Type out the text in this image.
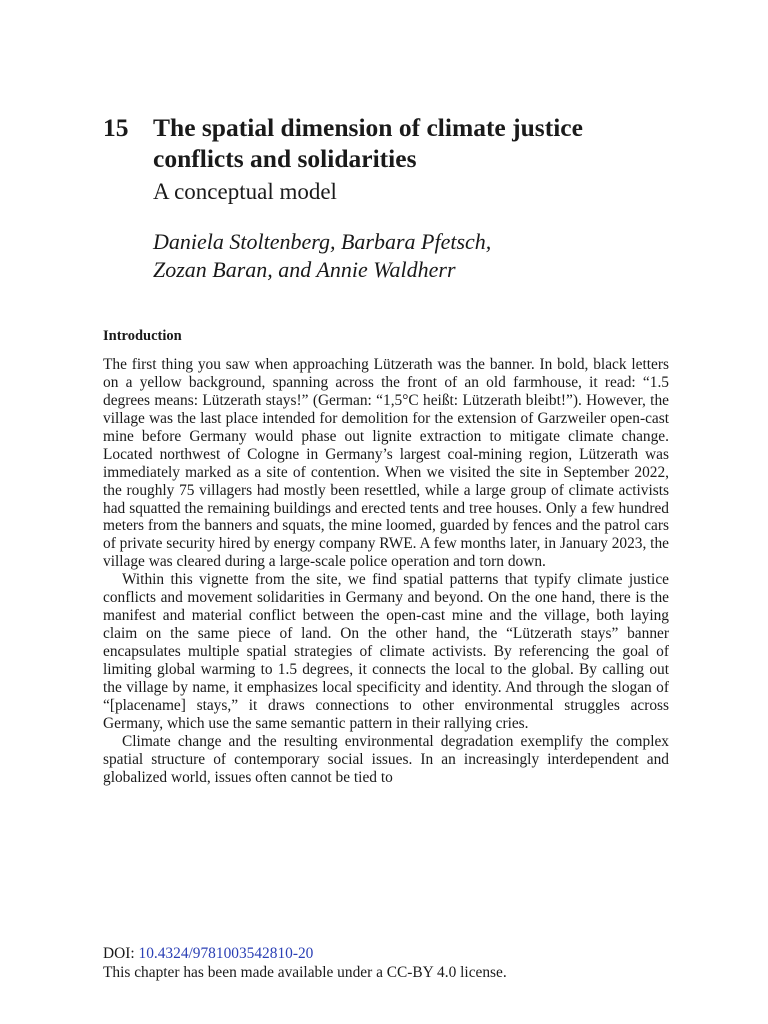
15 The spatial dimension of climate justice conflicts and solidarities
A conceptual model
Daniela Stoltenberg, Barbara Pfetsch,
Zozan Baran, and Annie Waldherr
Introduction

The first thing you saw when approaching Lützerath was the banner. In bold, black letters on a yellow background, spanning across the front of an old farmhouse, it read: “1.5 degrees means: Lützerath stays!” (German: “1,5°C heißt: Lützerath bleibt!”). However, the village was the last place intended for demolition for the extension of Garzweiler open-cast mine before Germany would phase out lignite extraction to mitigate climate change. Located northwest of Cologne in Germany’s largest coal-mining region, Lützerath was immediately marked as a site of contention. When we visited the site in September 2022, the roughly 75 villagers had mostly been resettled, while a large group of climate activists had squatted the remaining buildings and erected tents and tree houses. Only a few hundred meters from the banners and squats, the mine loomed, guarded by fences and the patrol cars of private security hired by energy company RWE. A few months later, in January 2023, the village was cleared during a large-scale police operation and torn down.

Within this vignette from the site, we find spatial patterns that typify climate justice conflicts and movement solidarities in Germany and beyond. On the one hand, there is the manifest and material conflict between the open-cast mine and the village, both laying claim on the same piece of land. On the other hand, the “Lützerath stays” banner encapsulates multiple spatial strategies of climate activists. By referencing the goal of limiting global warming to 1.5 degrees, it connects the local to the global. By calling out the village by name, it emphasizes local specificity and identity. And through the slogan of “[placename] stays,” it draws connections to other environmental struggles across Germany, which use the same semantic pattern in their rallying cries.

Climate change and the resulting environmental degradation exemplify the complex spatial structure of contemporary social issues. In an increasingly interdependent and globalized world, issues often cannot be tied to

DOI: 10.4324/9781003542810-20
This chapter has been made available under a CC-BY 4.0 license.
